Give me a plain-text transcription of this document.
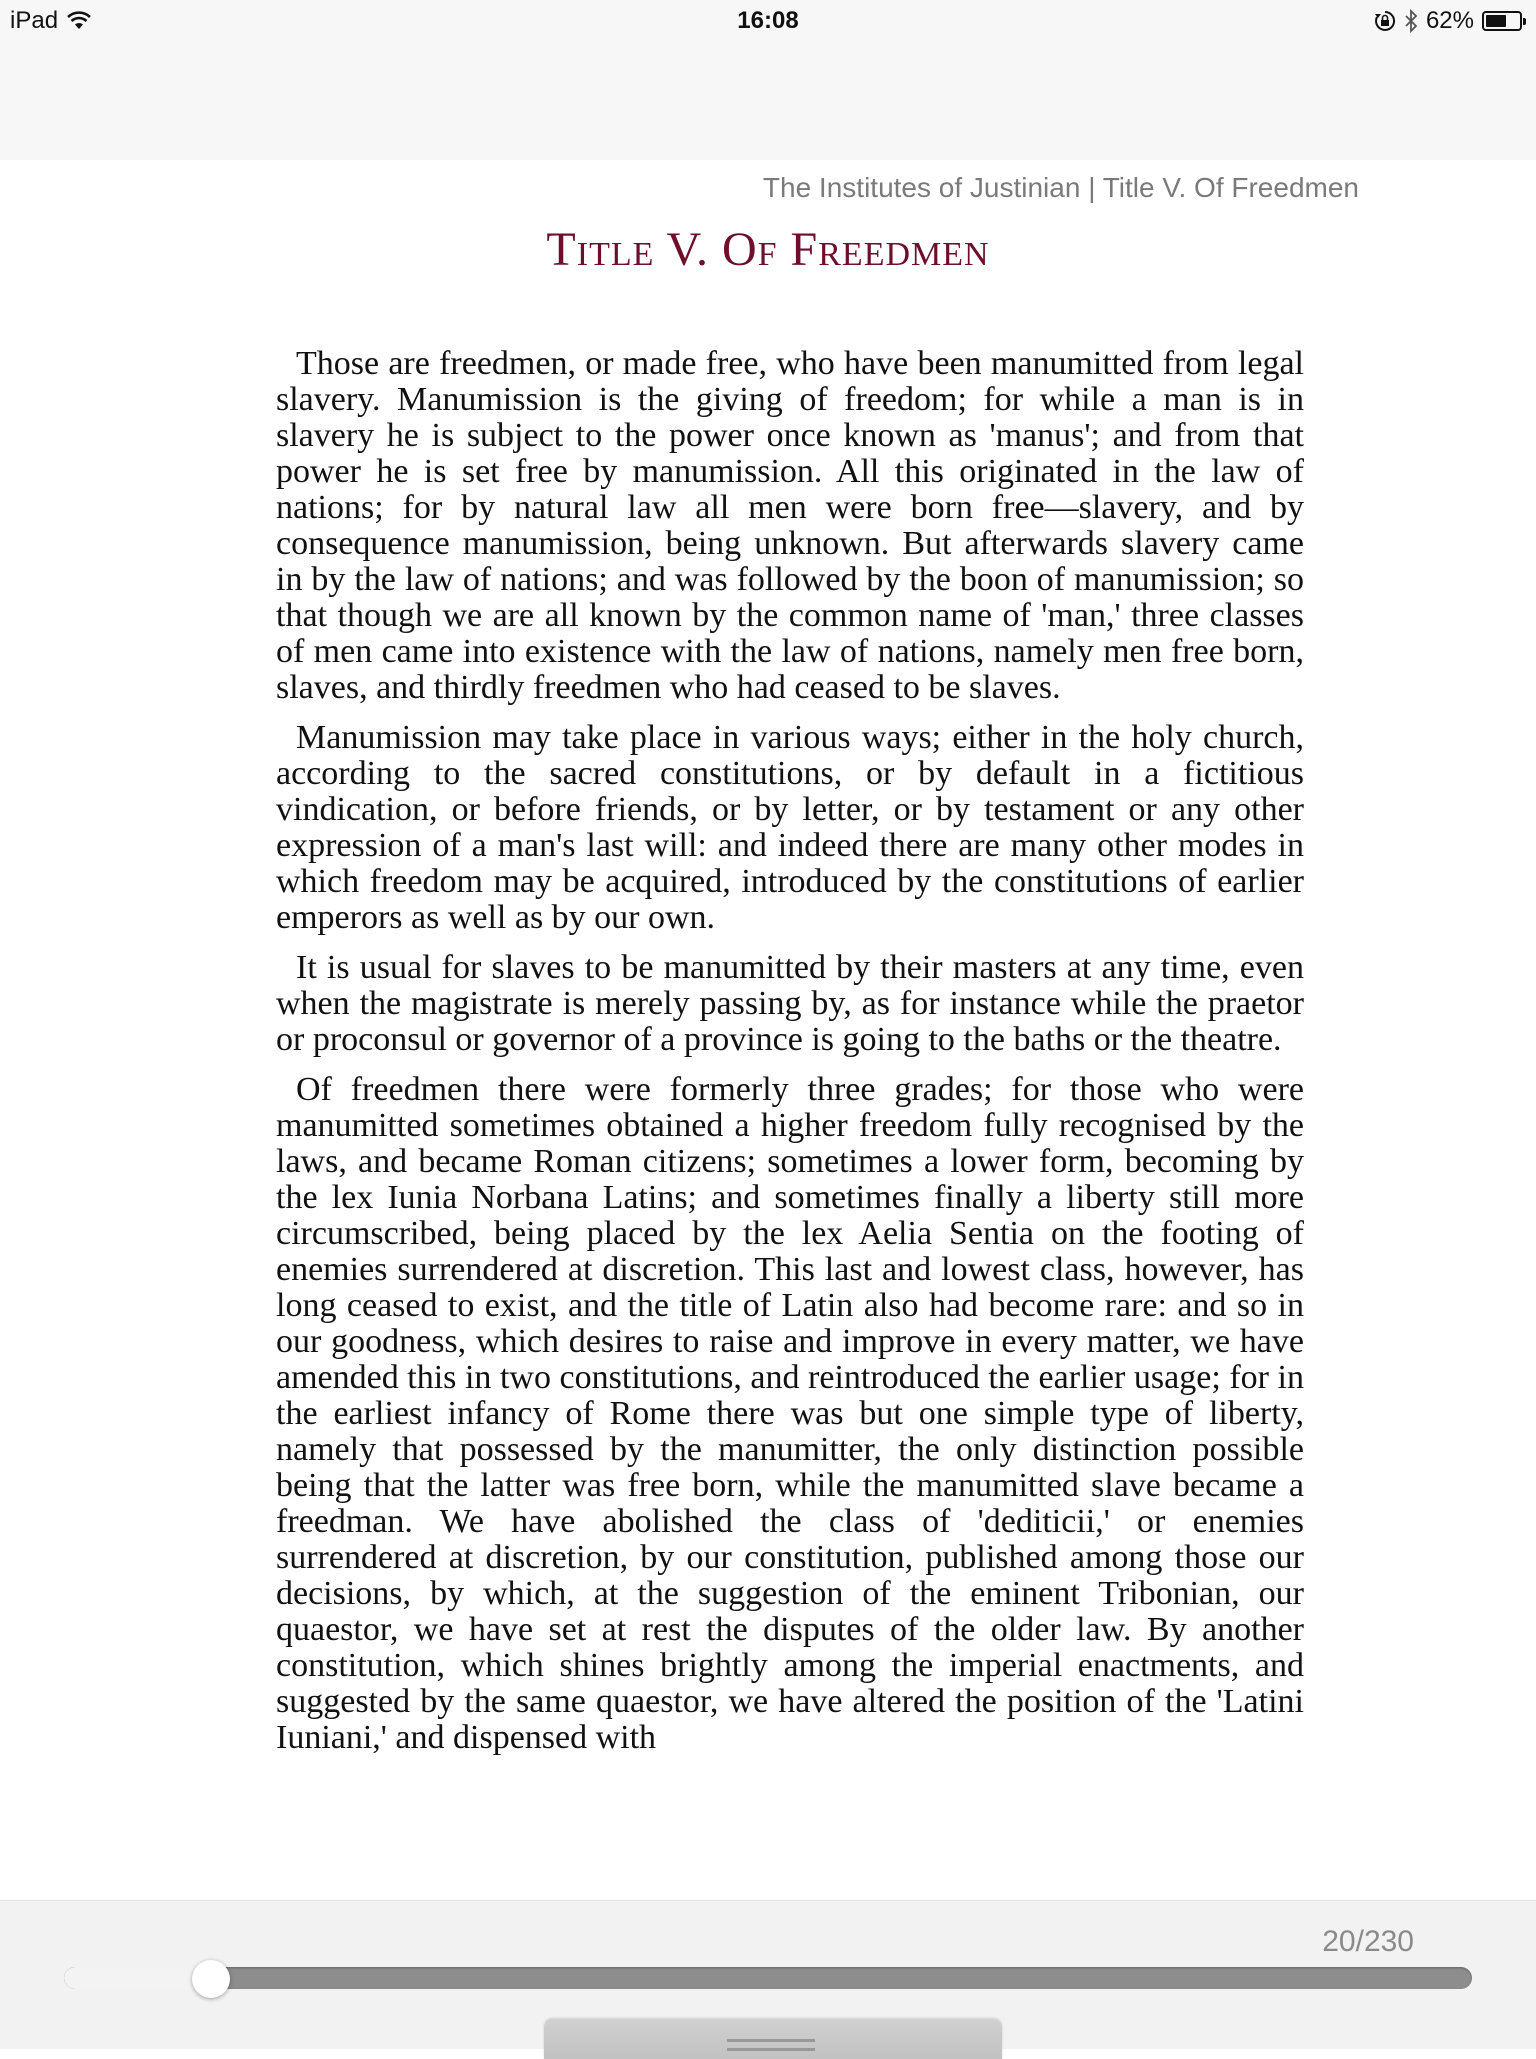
iPad	16:08	62%
The Institutes of Justinian | Title V. Of Freedmen
Title V. Of Freedmen

Those are freedmen, or made free, who have been manumitted from legal slavery. Manumission is the giving of freedom; for while a man is in slavery he is subject to the power once known as 'manus'; and from that power he is set free by manumission. All this originated in the law of nations; for by natural law all men were born free—slavery, and by consequence manumission, being unknown. But afterwards slavery came in by the law of nations; and was followed by the boon of manumission; so that though we are all known by the common name of 'man,' three classes of men came into existence with the law of nations, namely men free born, slaves, and thirdly freedmen who had ceased to be slaves.

Manumission may take place in various ways; either in the holy church, according to the sacred constitutions, or by default in a fictitious vindication, or before friends, or by letter, or by testament or any other expression of a man's last will: and indeed there are many other modes in which freedom may be acquired, introduced by the constitutions of earlier emperors as well as by our own.

It is usual for slaves to be manumitted by their masters at any time, even when the magistrate is merely passing by, as for instance while the praetor or proconsul or governor of a province is going to the baths or the theatre.

Of freedmen there were formerly three grades; for those who were manumitted sometimes obtained a higher freedom fully recognised by the laws, and became Roman citizens; sometimes a lower form, becoming by the lex Iunia Norbana Latins; and sometimes finally a liberty still more circumscribed, being placed by the lex Aelia Sentia on the footing of enemies surrendered at discretion. This last and lowest class, however, has long ceased to exist, and the title of Latin also had become rare: and so in our goodness, which desires to raise and improve in every matter, we have amended this in two constitutions, and reintroduced the earlier usage; for in the earliest infancy of Rome there was but one simple type of liberty, namely that possessed by the manumitter, the only distinction possible being that the latter was free born, while the manumitted slave became a freedman. We have abolished the class of 'dediticii,' or enemies surrendered at discretion, by our constitution, published among those our decisions, by which, at the suggestion of the eminent Tribonian, our quaestor, we have set at rest the disputes of the older law. By another constitution, which shines brightly among the imperial enactments, and suggested by the same quaestor, we have altered the position of the 'Latini Iuniani,' and dispensed with

20/230
